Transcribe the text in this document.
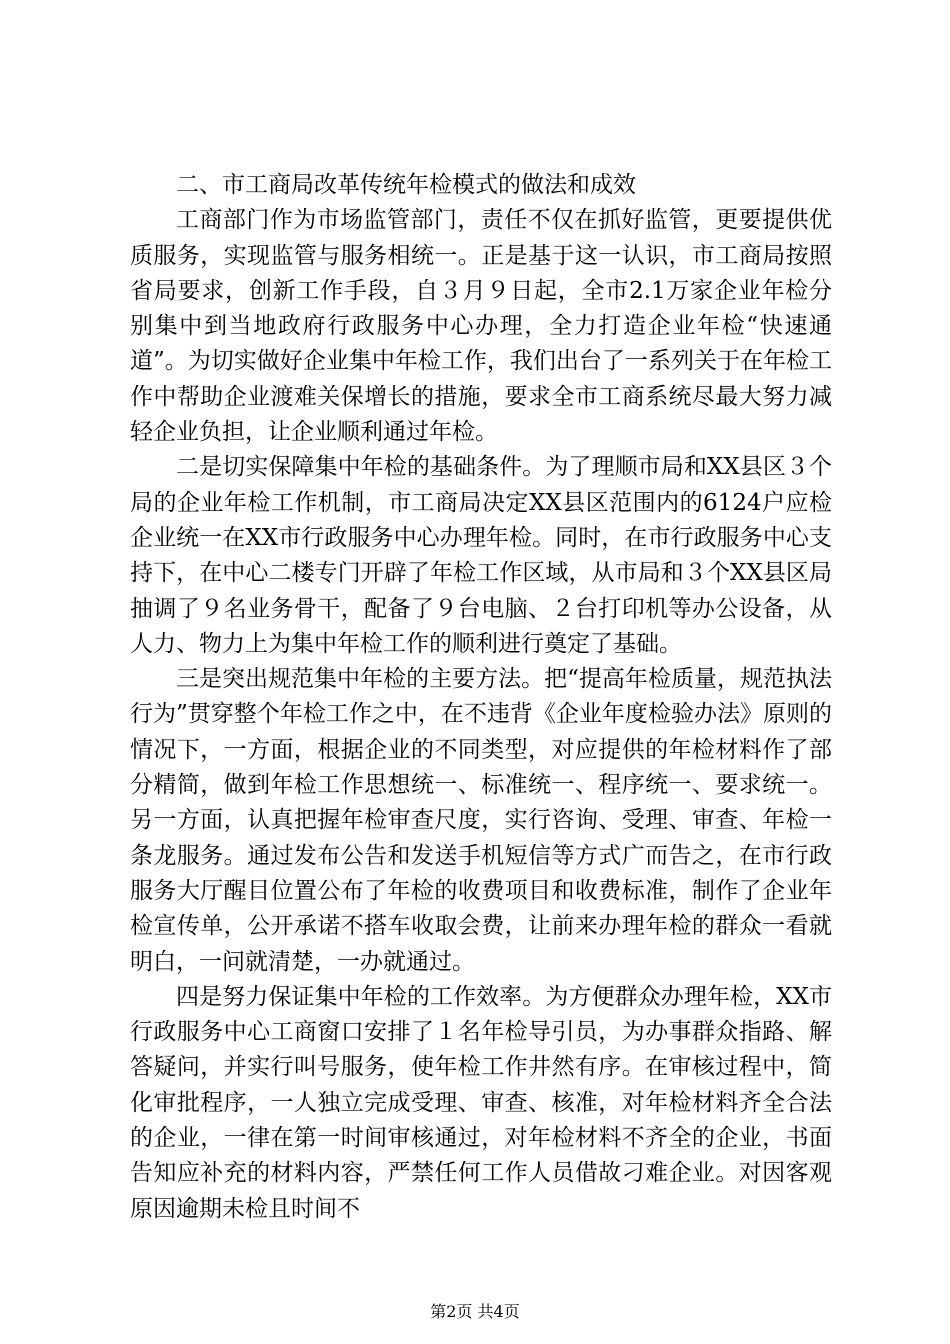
二、市工商局改革传统年检模式的做法和成效

工商部门作为市场监管部门，责任不仅在抓好监管，更要提供优质服务，实现监管与服务相统一。正是基于这一认识，市工商局按照省局要求，创新工作手段，自３月９日起，全市2.1万家企业年检分别集中到当地政府行政服务中心办理，全力打造企业年检“快速通道”。为切实做好企业集中年检工作，我们出台了一系列关于在年检工作中帮助企业渡难关保增长的措施，要求全市工商系统尽最大努力减轻企业负担，让企业顺利通过年检。

二是切实保障集中年检的基础条件。为了理顺市局和XX县区３个局的企业年检工作机制，市工商局决定XX县区范围内的6124户应检企业统一在XX市行政服务中心办理年检。同时，在市行政服务中心支持下，在中心二楼专门开辟了年检工作区域，从市局和３个XX县区局抽调了９名业务骨干，配备了９台电脑、２台打印机等办公设备，从人力、物力上为集中年检工作的顺利进行奠定了基础。

三是突出规范集中年检的主要方法。把“提高年检质量，规范执法行为”贯穿整个年检工作之中，在不违背《企业年度检验办法》原则的情况下，一方面，根据企业的不同类型，对应提供的年检材料作了部分精简，做到年检工作思想统一、标准统一、程序统一、要求统一。另一方面，认真把握年检审查尺度，实行咨询、受理、审查、年检一条龙服务。通过发布公告和发送手机短信等方式广而告之，在市行政服务大厅醒目位置公布了年检的收费项目和收费标准，制作了企业年检宣传单，公开承诺不搭车收取会费，让前来办理年检的群众一看就明白，一问就清楚，一办就通过。

四是努力保证集中年检的工作效率。为方便群众办理年检，XX市行政服务中心工商窗口安排了１名年检导引员，为办事群众指路、解答疑问，并实行叫号服务，使年检工作井然有序。在审核过程中，简化审批程序，一人独立完成受理、审查、核准，对年检材料齐全合法的企业，一律在第一时间审核通过，对年检材料不齐全的企业，书面告知应补充的材料内容，严禁任何工作人员借故刁难企业。对因客观原因逾期未检且时间不

第2页 共4页
